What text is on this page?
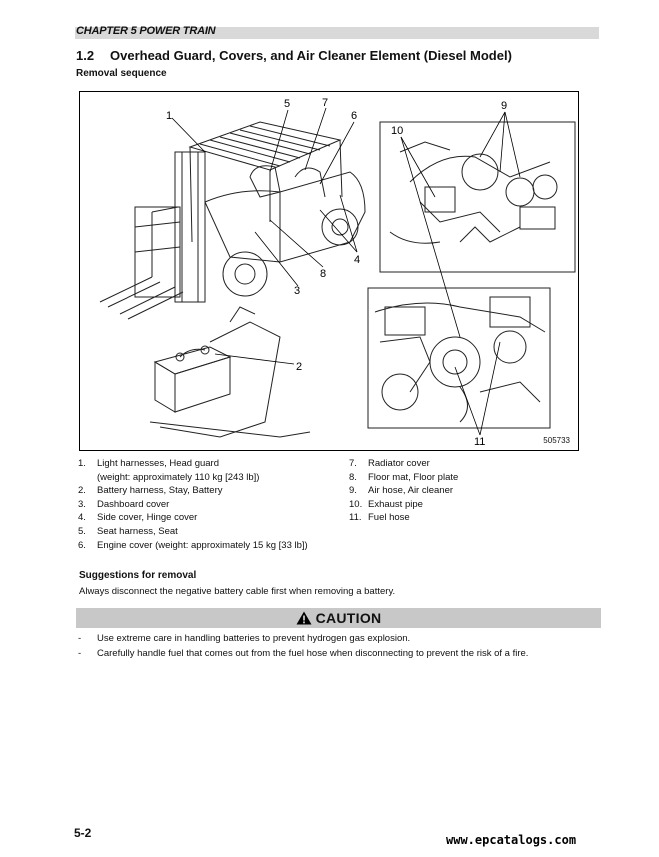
CHAPTER 5 POWER TRAIN
1.2 Overhead Guard, Covers, and Air Cleaner Element (Diesel Model)
Removal sequence
1
5	7
6
2
3
8
4
9
10
11	505733
1.	Light harnesses, Head guard
(weight: approximately 110 kg [243 lb])
2.	Battery harness, Stay, Battery
3.	Dashboard cover
4.	Side cover, Hinge cover
5.	Seat harness, Seat
6.	Engine cover (weight: approximately 15 kg [33 lb])
7.	Radiator cover
8.	Floor mat, Floor plate
9.	Air hose, Air cleaner
10. Exhaust pipe
11. Fuel hose
Suggestions for removal
Always disconnect the negative battery cable first when removing a battery.
CAUTION
-	Use extreme care in handling batteries to prevent hydrogen gas explosion.
-	Carefully handle fuel that comes out from the fuel hose when disconnecting to prevent the risk of a fire.
5-2	www.epcatalogs.com
